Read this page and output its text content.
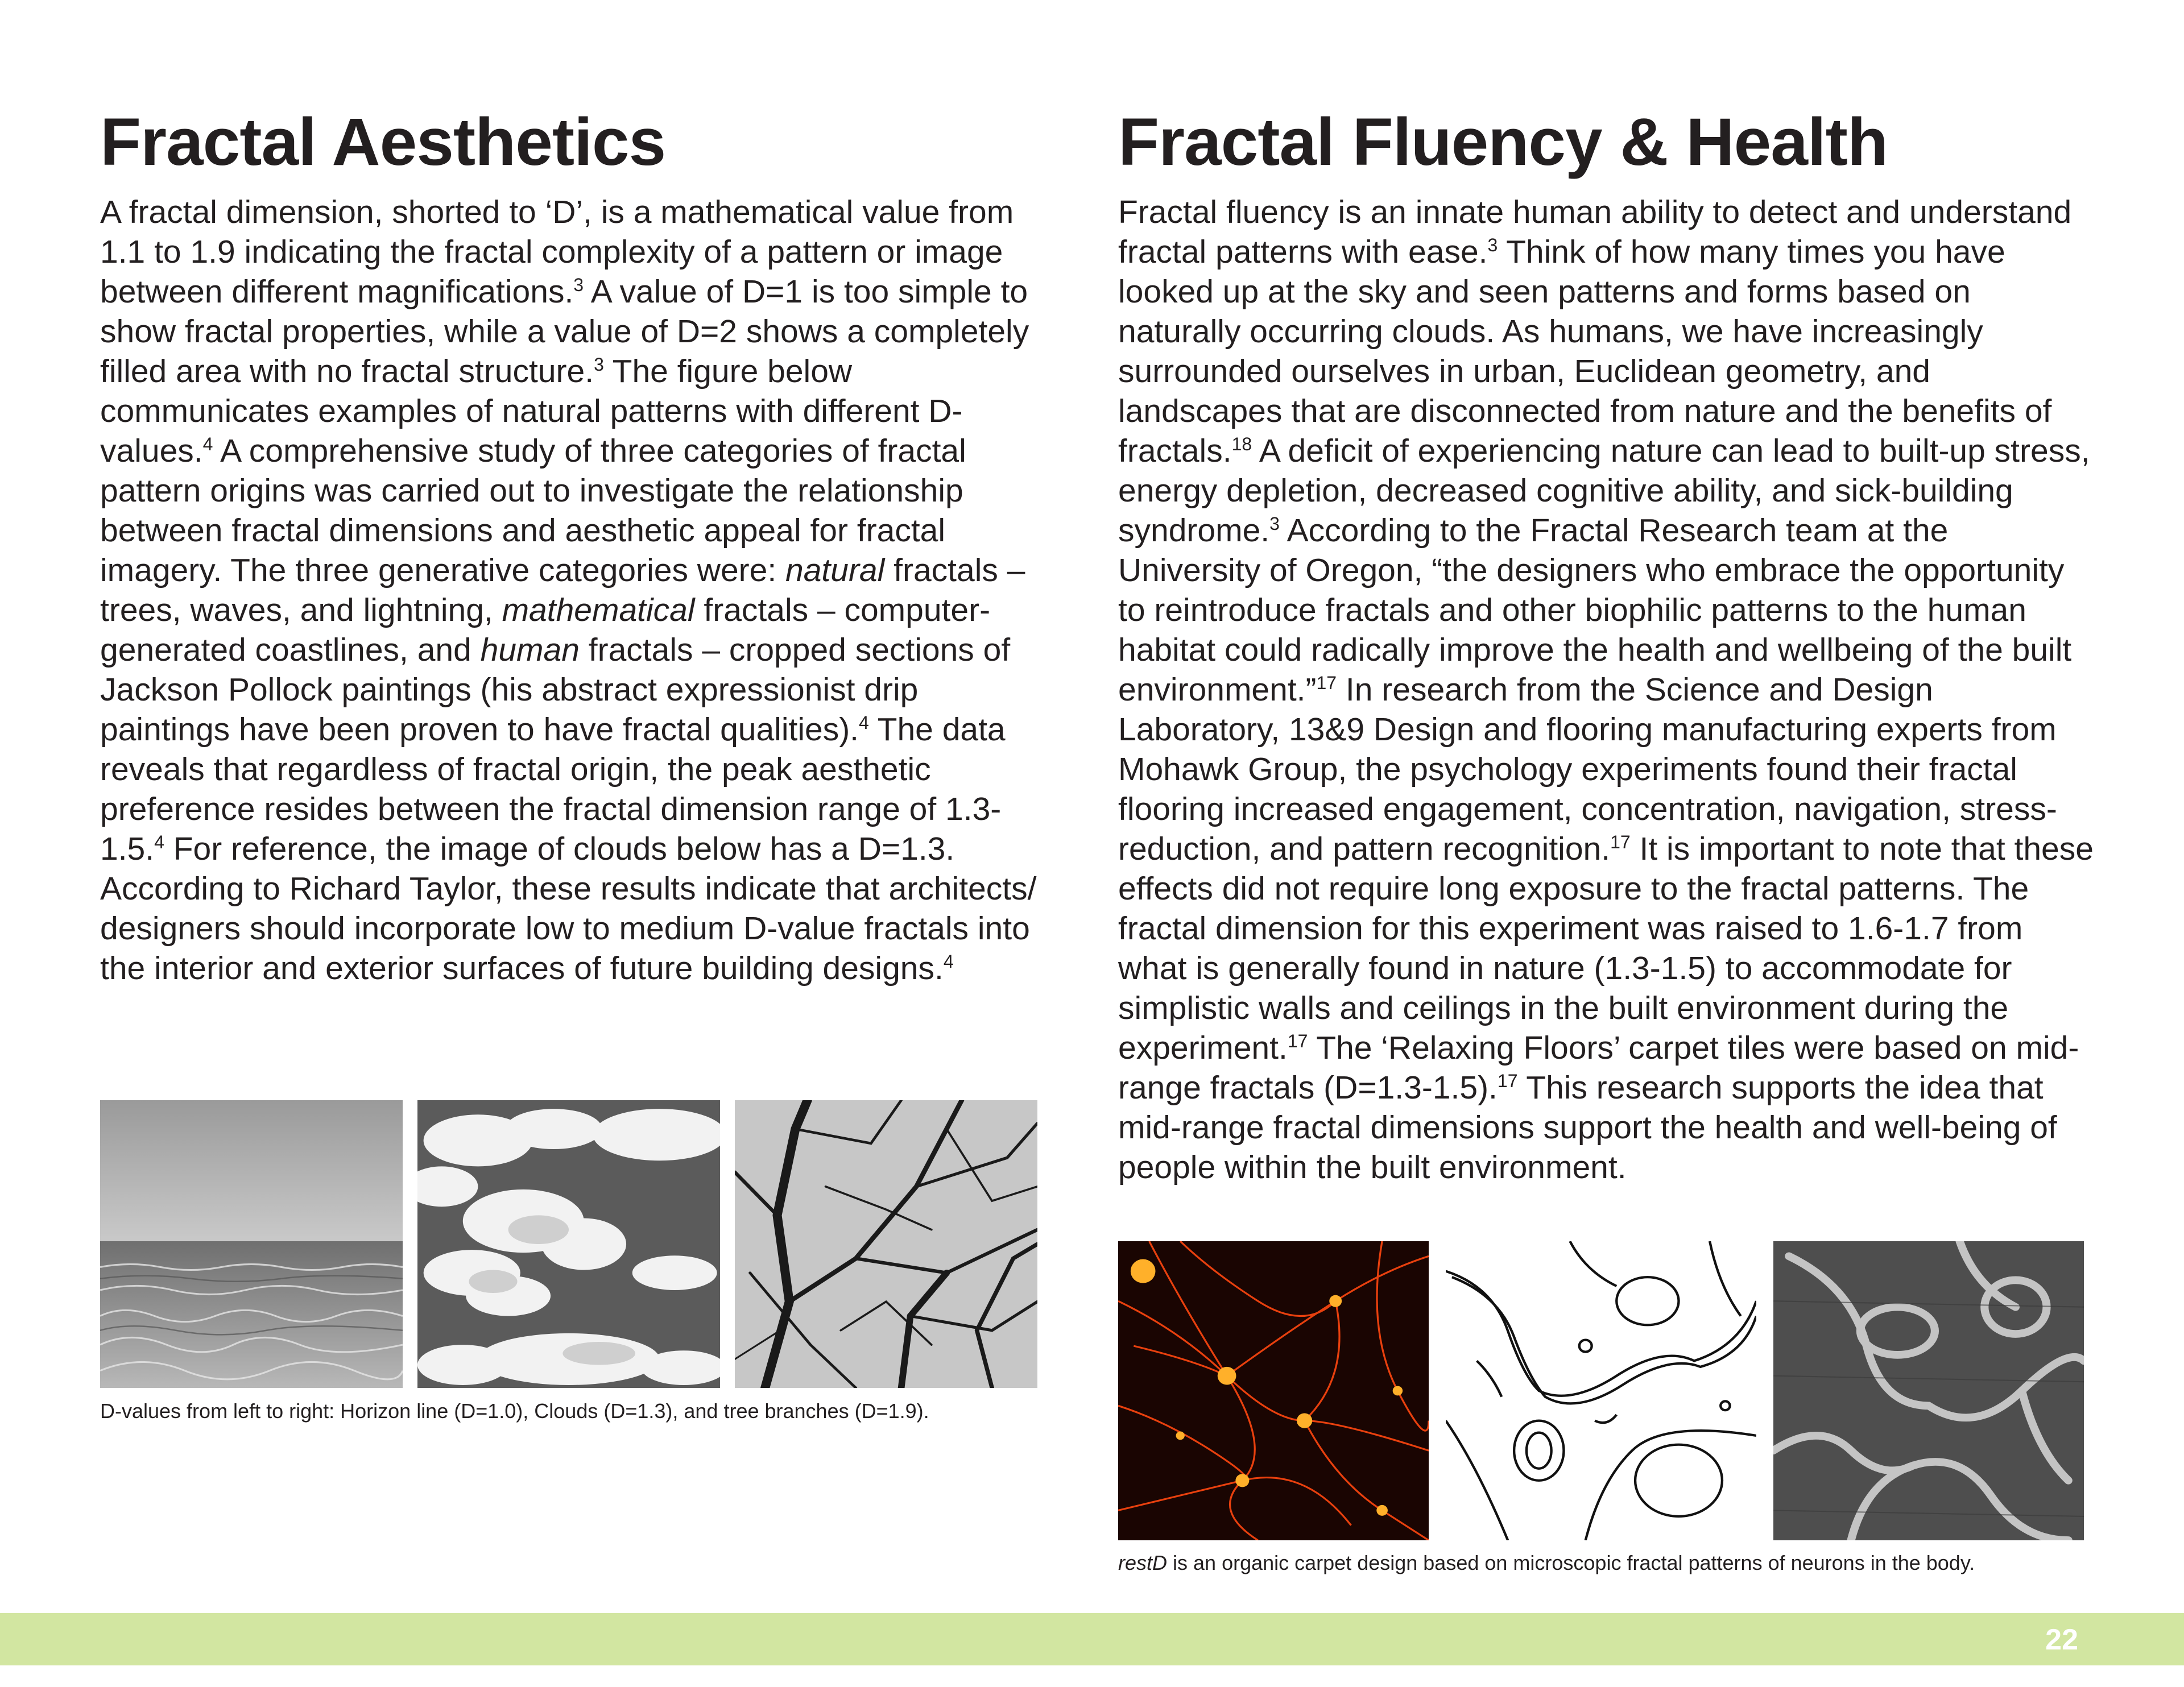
Fractal Aesthetics

A fractal dimension, shorted to ‘D’, is a mathematical value from 1.1 to 1.9 indicating the fractal complexity of a pattern or image between different magnifications.$^3$ A value of D=1 is too simple to show fractal properties, while a value of D=2 shows a completely filled area with no fractal structure.$^3$ The figure below communicates examples of natural patterns with different D-values.$^4$ A comprehensive study of three categories of fractal pattern origins was carried out to investigate the relationship between fractal dimensions and aesthetic appeal for fractal imagery. The three generative categories were: natural fractals – trees, waves, and lightning, mathematical fractals – computer-generated coastlines, and human fractals – cropped sections of Jackson Pollock paintings (his abstract expressionist drip paintings have been proven to have fractal qualities).$^4$ The data reveals that regardless of fractal origin, the peak aesthetic preference resides between the fractal dimension range of 1.3-1.5.$^4$ For reference, the image of clouds below has a D=1.3. According to Richard Taylor, these results indicate that architects/ designers should incorporate low to medium D-value fractals into the interior and exterior surfaces of future building designs.$^4$

D-values from left to right: Horizon line (D=1.0), Clouds (D=1.3), and tree branches (D=1.9).
Fractal Fluency & Health

Fractal fluency is an innate human ability to detect and understand fractal patterns with ease.$^3$ Think of how many times you have looked up at the sky and seen patterns and forms based on naturally occurring clouds. As humans, we have increasingly surrounded ourselves in urban, Euclidean geometry, and landscapes that are disconnected from nature and the benefits of fractals.$^{18}$ A deficit of experiencing nature can lead to built-up stress, energy depletion, decreased cognitive ability, and sick-building syndrome.$^3$ According to the Fractal Research team at the University of Oregon, “the designers who embrace the opportunity to reintroduce fractals and other biophilic patterns to the human habitat could radically improve the health and wellbeing of the built environment.”$^{17}$ In research from the Science and Design Laboratory, 13&9 Design and flooring manufacturing experts from Mohawk Group, the psychology experiments found their fractal flooring increased engagement, concentration, navigation, stress-reduction, and pattern recognition.$^{17}$ It is important to note that these effects did not require long exposure to the fractal patterns. The fractal dimension for this experiment was raised to 1.6-1.7 from what is generally found in nature (1.3-1.5) to accommodate for simplistic walls and ceilings in the built environment during the experiment.$^{17}$ The ‘Relaxing Floors’ carpet tiles were based on mid-range fractals (D=1.3-1.5).$^{17}$ This research supports the idea that mid-range fractal dimensions support the health and well-being of people within the built environment.

restD is an organic carpet design based on microscopic fractal patterns of neurons in the body.
22
